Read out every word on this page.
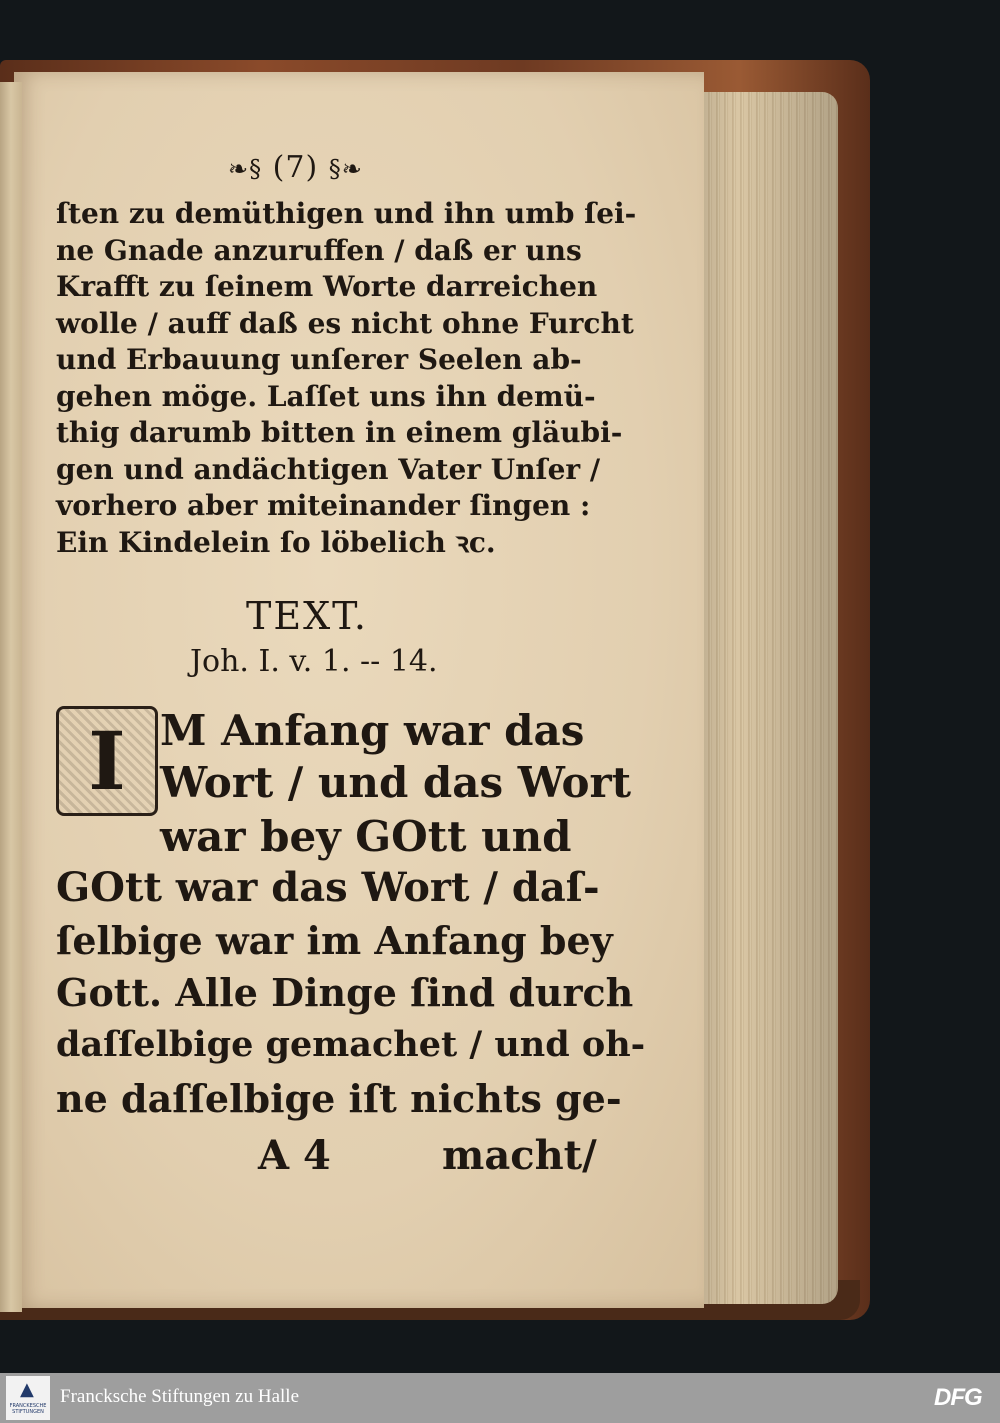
❧§ (7) §❧
ſten zu demüthigen und ihn umb ſei-
ne Gnade anzuruffen / daß er uns
Krafft zu ſeinem Worte darreichen
wolle / auff daß es nicht ohne Furcht
und Erbauung unſerer Seelen ab-
gehen möge. Laſſet uns ihn demü-
thig darumb bitten in einem gläubi-
gen und andächtigen Vater Unſer /
vorhero aber miteinander ſingen :
Ein Kindelein ſo löbelich ꝛc.
TEXT.
Joh. I. v. 1. -- 14.
I M Anfang war das
Wort / und das Wort
war bey GOtt und
GOtt war das Wort / daſ-
ſelbige war im Anfang bey
Gott. Alle Dinge ſind durch
daſſelbige gemachet / und oh-
ne daſſelbige iſt nichts ge-
A 4	macht/
▲
FRANCKESCHE STIFTUNGEN
Francksche Stiftungen zu Halle	DFG
